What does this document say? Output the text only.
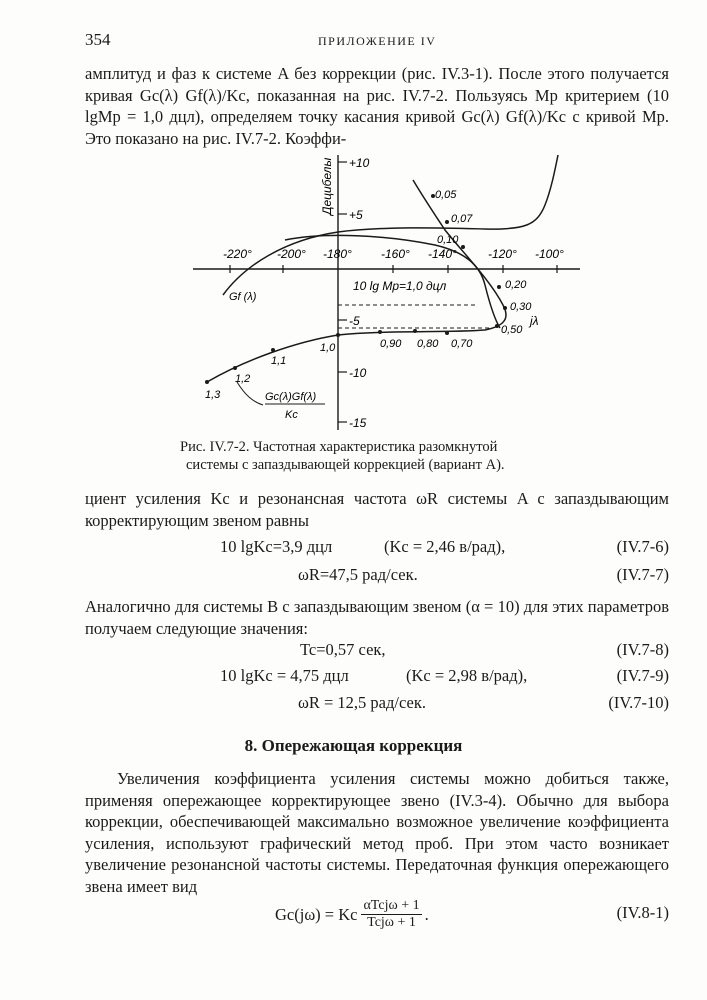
354	ПРИЛОЖЕНИЕ IV

амплитуд и фаз к системе A без коррекции (рис. IV.3-1). После этого получается кривая Gc(λ) Gf(λ)/Kc, показанная на рис. IV.7-2. Пользуясь Mp критерием (10 lgMp = 1,0 дцл), определяем точку касания кривой Gc(λ) Gf(λ)/Kc с кривой Mp. Это показано на рис. IV.7-2. Коэффи-

+10
+5
-5
-10
-15
-220° -200° -180° -160° -140°	-120° -100°
Децибелы	0,05
0,07
0,10
0,20
0,30
0,50
1,3
1,2
1,1
1,0	0,90 0,80 0,70
Gf (λ)
10 lg Mp=1,0 дцл
Gc(λ)Gf(λ)
Kc
jλ
Рис. IV.7-2. Частотная характеристика разомкнутой
системы с запаздывающей коррекцией (вариант A).

циент усиления Kc и резонансная частота ωR системы A с запаздывающим корректирующим звеном равны

10 lgKc=3,9 дцл	(Kc = 2,46 в/рад),	(IV.7-6)
ωR=47,5 рад/сек.	(IV.7-7)

Аналогично для системы B с запаздывающим звеном (α = 10) для этих параметров получаем следующие значения:

Tc=0,57 сек,	(IV.7-8)
10 lgKc = 4,75 дцл	(Kc = 2,98 в/рад),	(IV.7-9)
ωR = 12,5 рад/сек.	(IV.7-10)
8. Опережающая коррекция

Увеличения коэффициента усиления системы можно добиться также, применяя опережающее корректирующее звено (IV.3-4). Обычно для выбора коррекции, обеспечивающей максимально возможное увеличение коэффициента усиления, используют графический метод проб. При этом часто возникает увеличение резонансной частоты системы. Передаточная функция опережающего звена имеет вид

Gc(jω) = Kc $\frac{\text{αTcjω + 1}}{\text{Tcjω + 1}}$ .	(IV.8-1)
